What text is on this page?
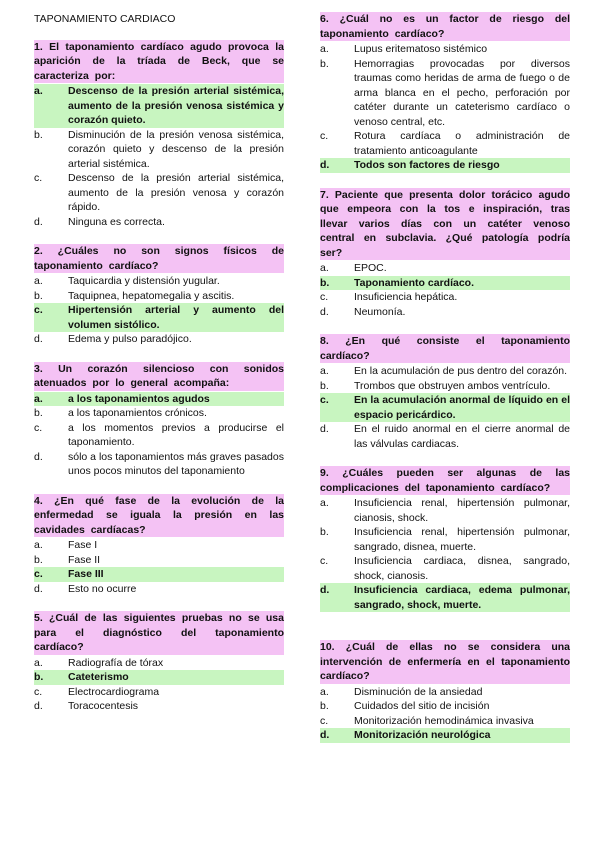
TAPONAMIENTO CARDIACO
1. El taponamiento cardíaco agudo provoca la aparición de la tríada de Beck, que se caracteriza por:
a.	Descenso de la presión arterial sistémica, aumento de la presión venosa sistémica y corazón quieto.
b.	Disminución de la presión venosa sistémica, corazón quieto y descenso de la presión arterial sistémica.
c.	Descenso de la presión arterial sistémica, aumento de la presión venosa y corazón rápido.
d.	Ninguna es correcta.
2. ¿Cuáles no son signos físicos de taponamiento cardíaco?
a.	Taquicardia y distensión yugular.
b.	Taquipnea, hepatomegalia y ascitis.
c.	Hipertensión arterial y aumento del volumen sistólico.
d.	Edema y pulso paradójico.
3. Un corazón silencioso con sonidos atenuados por lo general acompaña:
a.	a los taponamientos agudos
b.	a los taponamientos crónicos.
c.	a los momentos previos a producirse el taponamiento.
d.	sólo a los taponamientos más graves pasados unos pocos minutos del taponamiento
4. ¿En qué fase de la evolución de la enfermedad se iguala la presión en las cavidades cardíacas?
a.	Fase I
b.	Fase II
c.	Fase III
d.	Esto no ocurre
5. ¿Cuál de las siguientes pruebas no se usa para el diagnóstico del taponamiento cardíaco?
a.	Radiografía de tórax
b.	Cateterismo
c.	Electrocardiograma
d.	Toracocentesis
6. ¿Cuál no es un factor de riesgo del taponamiento cardíaco?
a.	Lupus eritematoso sistémico
b.	Hemorragias provocadas por diversos traumas como heridas de arma de fuego o de arma blanca en el pecho, perforación por catéter durante un cateterismo cardíaco o venoso central, etc.
c.	Rotura cardíaca o administración de tratamiento anticoagulante
d.	Todos son factores de riesgo
7. Paciente que presenta dolor torácico agudo que empeora con la tos e inspiración, tras llevar varios días con un catéter venoso central en subclavia. ¿Qué patología podría ser?
a.	EPOC.
b.	Taponamiento cardíaco.
c.	Insuficiencia hepática.
d.	Neumonía.
8. ¿En qué consiste el taponamiento cardíaco?
a.	En la acumulación de pus dentro del corazón.
b.	Trombos que obstruyen ambos ventrículo.
c.	En la acumulación anormal de líquido en el espacio pericárdico.
d.	En el ruido anormal en el cierre anormal de las válvulas cardiacas.
9. ¿Cuáles pueden ser algunas de las complicaciones del taponamiento cardíaco?
a.	Insuficiencia renal, hipertensión pulmonar, cianosis, shock.
b.	Insuficiencia renal, hipertensión pulmonar, sangrado, disnea, muerte.
c.	Insuficiencia cardiaca, disnea, sangrado, shock, cianosis.
d.	Insuficiencia cardiaca, edema pulmonar, sangrado, shock, muerte.
10. ¿Cuál de ellas no se considera una intervención de enfermería en el taponamiento cardíaco?
a.	Disminución de la ansiedad
b.	Cuidados del sitio de incisión
c.	Monitorización hemodinámica invasiva
d.	Monitorización neurológica
